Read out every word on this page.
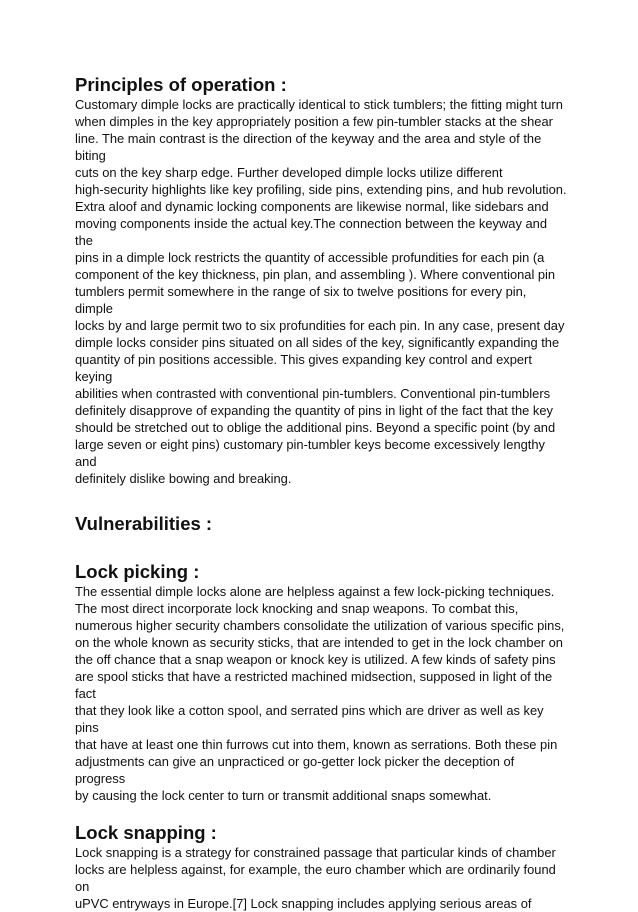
Principles of operation :

Customary dimple locks are practically identical to stick tumblers; the fitting might turn
when dimples in the key appropriately position a few pin-tumbler stacks at the shear
line. The main contrast is the direction of the keyway and the area and style of the biting
cuts on the key sharp edge. Further developed dimple locks utilize different
high-security highlights like key profiling, side pins, extending pins, and hub revolution.
Extra aloof and dynamic locking components are likewise normal, like sidebars and
moving components inside the actual key.The connection between the keyway and the
pins in a dimple lock restricts the quantity of accessible profundities for each pin (a
component of the key thickness, pin plan, and assembling ). Where conventional pin
tumblers permit somewhere in the range of six to twelve positions for every pin, dimple
locks by and large permit two to six profundities for each pin. In any case, present day
dimple locks consider pins situated on all sides of the key, significantly expanding the
quantity of pin positions accessible. This gives expanding key control and expert keying
abilities when contrasted with conventional pin-tumblers. Conventional pin-tumblers
definitely disapprove of expanding the quantity of pins in light of the fact that the key
should be stretched out to oblige the additional pins. Beyond a specific point (by and
large seven or eight pins) customary pin-tumbler keys become excessively lengthy and
definitely dislike bowing and breaking.

Vulnerabilities :
Lock picking :

The essential dimple locks alone are helpless against a few lock-picking techniques.
The most direct incorporate lock knocking and snap weapons. To combat this,
numerous higher security chambers consolidate the utilization of various specific pins,
on the whole known as security sticks, that are intended to get in the lock chamber on
the off chance that a snap weapon or knock key is utilized. A few kinds of safety pins
are spool sticks that have a restricted machined midsection, supposed in light of the fact
that they look like a cotton spool, and serrated pins which are driver as well as key pins
that have at least one thin furrows cut into them, known as serrations. Both these pin
adjustments can give an unpracticed or go-getter lock picker the deception of progress
by causing the lock center to turn or transmit additional snaps somewhat.

Lock snapping :

Lock snapping is a strategy for constrained passage that particular kinds of chamber
locks are helpless against, for example, the euro chamber which are ordinarily found on
uPVC entryways in Europe.[7] Lock snapping includes applying serious areas of
